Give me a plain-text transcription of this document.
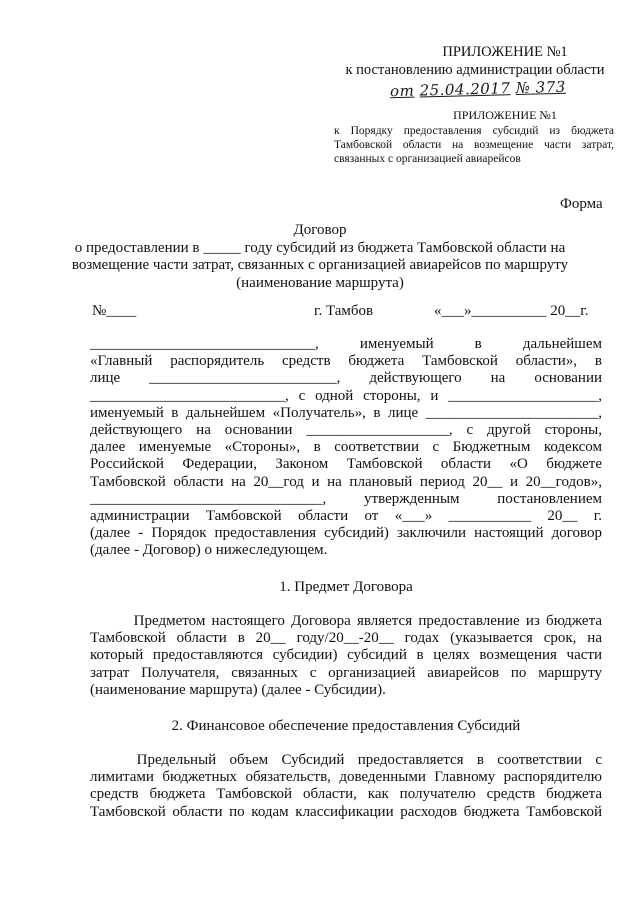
ПРИЛОЖЕНИЕ №1
к постановлению администрации области
от 25.04.2017 № 373
ПРИЛОЖЕНИЕ №1
к Порядку предоставления субсидий из бюджета
Тамбовской области на возмещение части затрат,
связанных с организацией авиарейсов
Форма
Договор
о предоставлении в _____ году субсидий из бюджета Тамбовской области на
возмещение части затрат, связанных с организацией авиарейсов по маршруту
(наименование маршрута)
№____	г. Тамбов	«___»__________ 20__г.
______________________________, именуемый в дальнейшем
«Главный распорядитель средств бюджета Тамбовской области», в
лице _________________________, действующего на основании
__________________________, с одной стороны, и ____________________,
именуемый в дальнейшем «Получатель», в лице _______________________,
действующего на основании ___________________, с другой стороны,
далее именуемые «Стороны», в соответствии с Бюджетным кодексом
Российской Федерации, Законом Тамбовской области «О бюджете
Тамбовской области на 20__год и на плановый период 20__ и 20__годов»,
_______________________________, утвержденным постановлением
администрации Тамбовской области от «___» ___________ 20__ г.
(далее - Порядок предоставления субсидий) заключили настоящий договор
(далее - Договор) о нижеследующем.
1. Предмет Договора
Предметом настоящего Договора является предоставление из бюджета
Тамбовской области в 20__ году/20__-20__ годах (указывается срок, на
который предоставляются субсидии) субсидий в целях возмещения части
затрат Получателя, связанных с организацией авиарейсов по маршруту
(наименование маршрута) (далее - Субсидии).
2. Финансовое обеспечение предоставления Субсидий
Предельный  объем  Субсидий  предоставляется  в  соответствии  с
лимитами бюджетных обязательств, доведенными Главному распорядителю
средств бюджета Тамбовской области, как получателю средств бюджета
Тамбовской области по кодам классификации расходов бюджета Тамбовской
